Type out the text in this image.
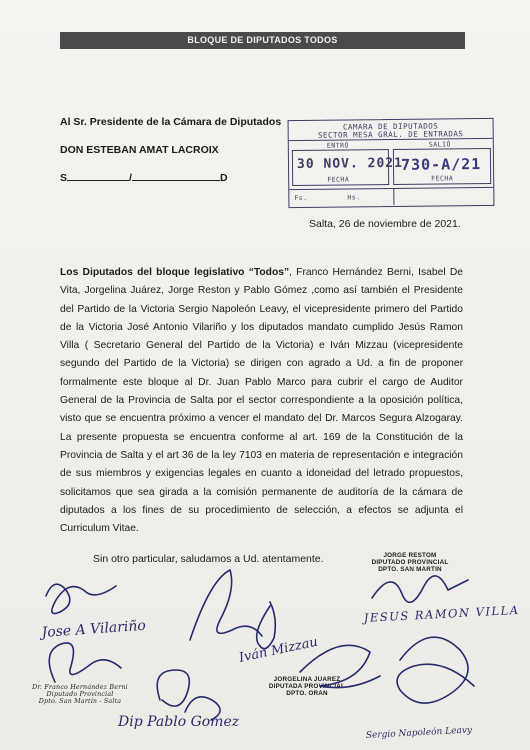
BLOQUE DE DIPUTADOS TODOS
Al Sr. Presidente de la Cámara de Diputados
DON ESTEBAN AMAT LACROIX
S	/	D
CAMARA DE DIPUTADOS
SECTOR MESA GRAL. DE ENTRADAS
ENTRÓ	SALIÓ
30 NOV. 2021
FECHA
730-A/21
FECHA
Fs.	Hs.
Salta, 26 de noviembre de 2021.
Los Diputados del bloque legislativo “Todos”, Franco Hernández Berni, Isabel De Vita, Jorgelina Juárez, Jorge Reston y Pablo Gómez ,como así también el Presidente del Partido de la Victoria Sergio Napoleón Leavy, el vicepresidente primero del Partido de la Victoria José Antonio Vilariño y los diputados mandato cumplido Jesús Ramon Villa ( Secretario General del Partido de la Victoria) e Iván Mizzau (vicepresidente segundo del Partido de la Victoria) se dirigen con agrado a Ud. a fin de proponer formalmente este bloque al Dr. Juan Pablo Marco para cubrir el cargo de Auditor General de la Provincia de Salta por el sector correspondiente a la oposición política, visto que se encuentra próximo a vencer el mandato del Dr. Marcos Segura Alzogaray. La presente propuesta se encuentra conforme al art. 169 de la Constitución de la Provincia de Salta y el art 36 de la ley 7103 en materia de representación e integración de sus miembros y exigencias legales en cuanto a idoneidad del letrado propuestos, solicitamos que sea girada a la comisión permanente de auditoría de la cámara de diputados a los fines de su procedimiento de selección, a efectos se adjunta el Curriculum Vitae.
Sin otro particular, saludamos a Ud. atentamente.	JORGE RESTOM
DIPUTADO PROVINCIAL
DPTO. SAN MARTIN
Dr. Franco Hernández Berni
Diputado Provincial
Dpto. San Martín - Salta
JORGELINA JUAREZ
DIPUTADA PROVINCIAL
DPTO. ORAN
Jose A Vilariño
JESUS RAMON VILLA
Iván Mizzau
Dip Pablo Gomez
Sergio Napoleón Leavy
